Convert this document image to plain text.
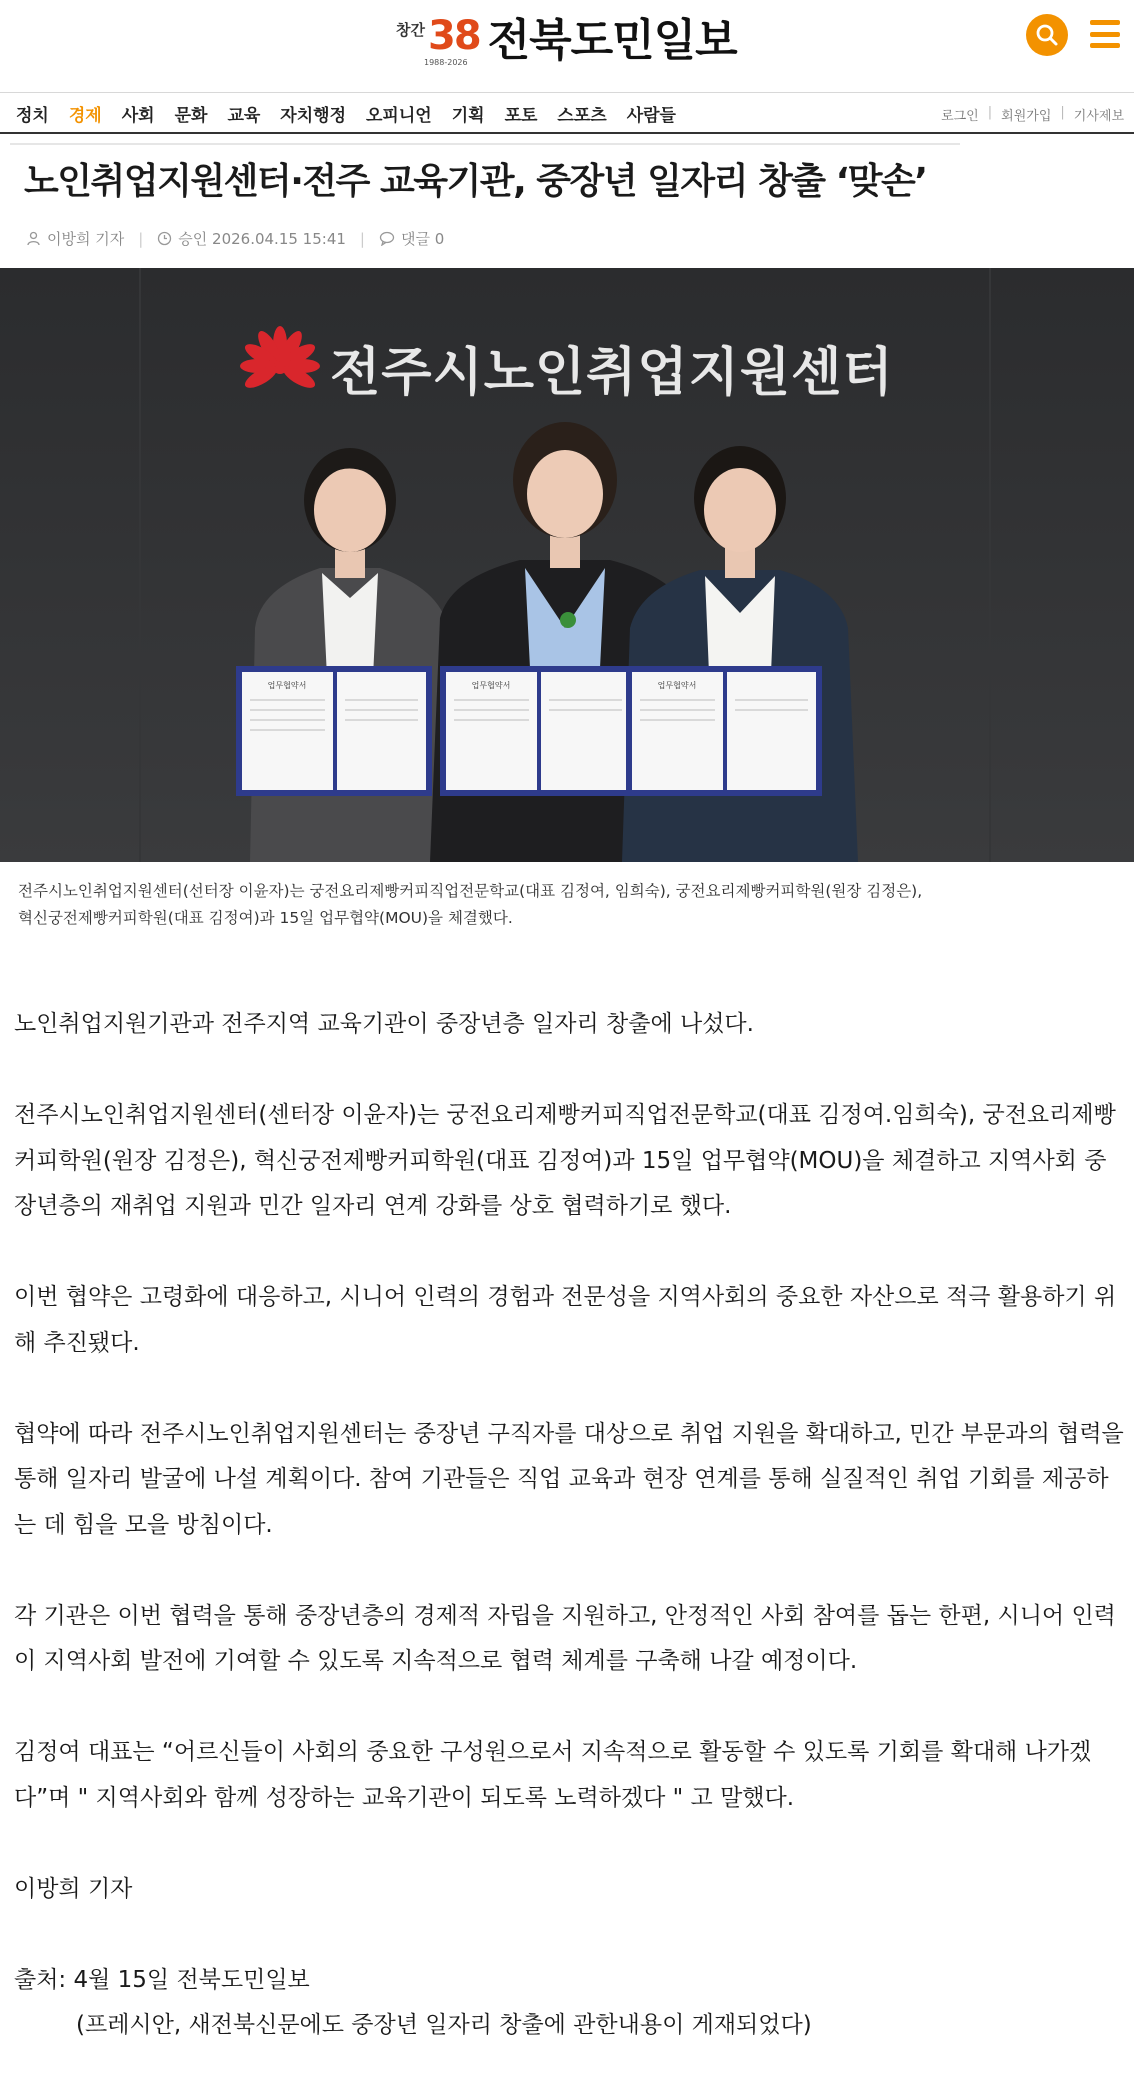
창간 38
1988-2026 전북도민일보
정치 경제 사회 문화 교육 자치행정 오피니언 기획 포토 스포츠 사람들	로그인 | 회원가입 | 기사제보
노인취업지원센터·전주 교육기관, 중장년 일자리 창출 ‘맞손’
이방희 기자 | 승인 2026.04.15 15:41 | 댓글 0
전주시노인취업지원센터
업무협약서	업무협약서	업무협약서
전주시노인취업지원센터(선터장 이윤자)는 궁전요리제빵커피직업전문학교(대표 김정여, 임희숙), 궁전요리제빵커피학원(원장 김정은),
혁신궁전제빵커피학원(대표 김정여)과 15일 업무협약(MOU)을 체결했다.

노인취업지원기관과 전주지역 교육기관이 중장년층 일자리 창출에 나섰다.

전주시노인취업지원센터(센터장 이윤자)는 궁전요리제빵커피직업전문학교(대표 김정여.임희숙), 궁전요리제빵커피학원(원장 김정은), 혁신궁전제빵커피학원(대표 김정여)과 15일 업무협약(MOU)을 체결하고 지역사회 중장년층의 재취업 지원과 민간 일자리 연계 강화를 상호 협력하기로 했다.

이번 협약은 고령화에 대응하고, 시니어 인력의 경험과 전문성을 지역사회의 중요한 자산으로 적극 활용하기 위해 추진됐다.

협약에 따라 전주시노인취업지원센터는 중장년 구직자를 대상으로 취업 지원을 확대하고, 민간 부문과의 협력을 통해 일자리 발굴에 나설 계획이다. 참여 기관들은 직업 교육과 현장 연계를 통해 실질적인 취업 기회를 제공하는 데 힘을 모을 방침이다.

각 기관은 이번 협력을 통해 중장년층의 경제적 자립을 지원하고, 안정적인 사회 참여를 돕는 한편, 시니어 인력이 지역사회 발전에 기여할 수 있도록 지속적으로 협력 체계를 구축해 나갈 예정이다.

김정여 대표는 “어르신들이 사회의 중요한 구성원으로서 지속적으로 활동할 수 있도록 기회를 확대해 나가겠다”며 " 지역사회와 함께 성장하는 교육기관이 되도록 노력하겠다 " 고 말했다.

이방희 기자

출처: 4월 15일 전북도민일보
(프레시안, 새전북신문에도 중장년 일자리 창출에 관한내용이 게재되었다)
